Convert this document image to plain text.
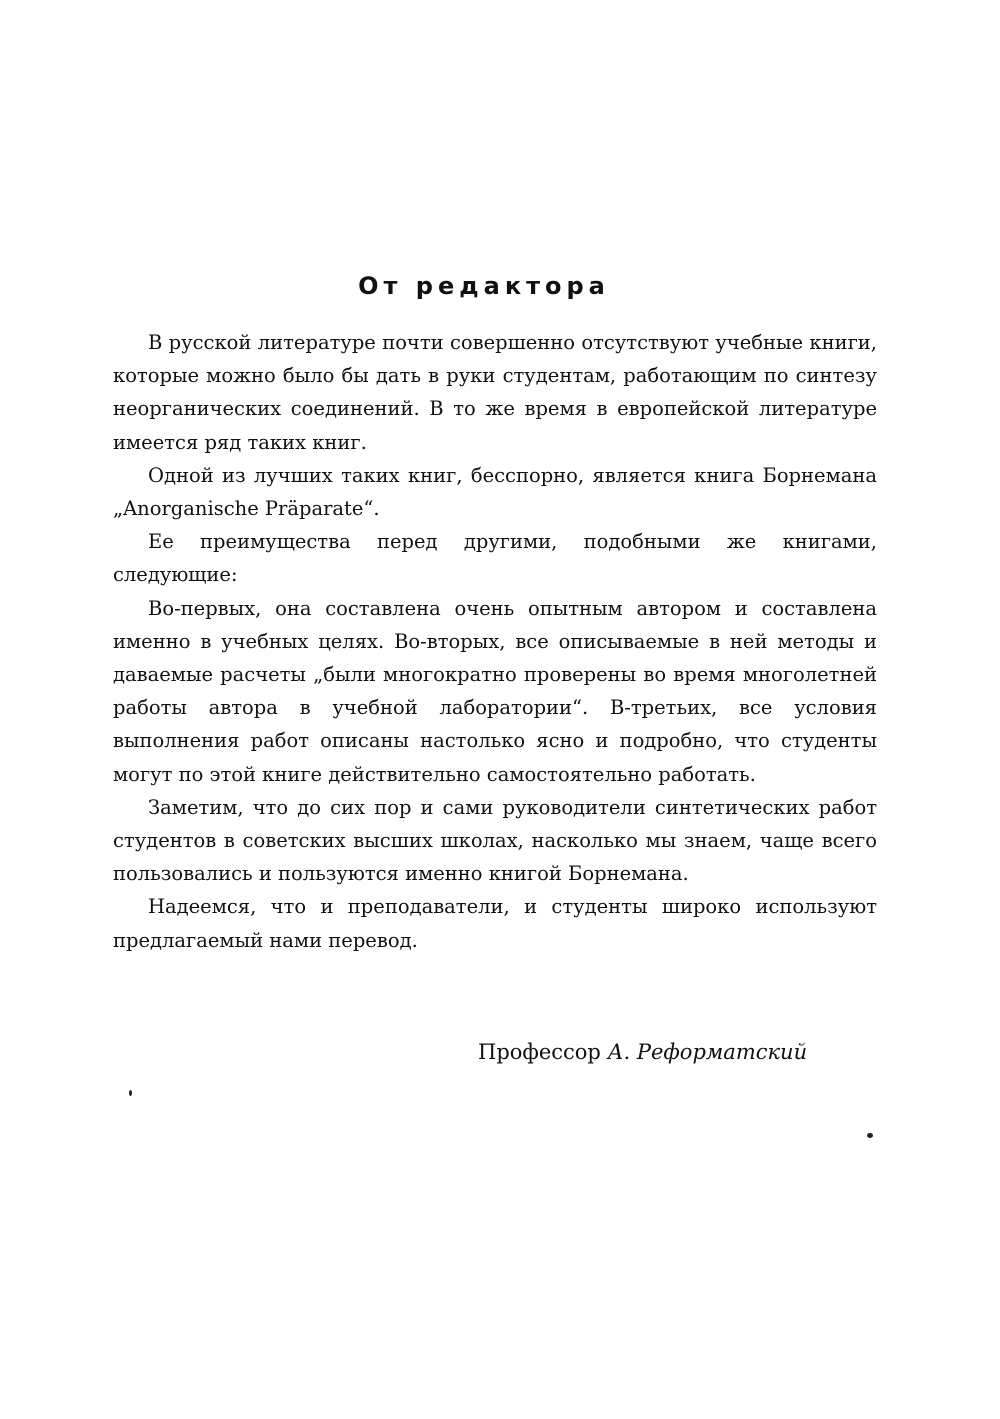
От редактора

В русской литературе почти совершенно отсутствуют учебные книги, которые можно было бы дать в руки студентам, работающим по синтезу неорганических соединений. В то же время в европейской литературе имеется ряд таких книг.

Одной из лучших таких книг, бесспорно, является книга Борнемана „Anorganische Präparate“.

Ее преимущества перед другими, подобными же книгами, следующие:

Во-первых, она составлена очень опытным автором и составлена именно в учебных целях. Во-вторых, все описываемые в ней методы и даваемые расчеты „были многократно проверены во время многолетней работы автора в учебной лаборатории“. В-третьих, все условия выполнения работ описаны настолько ясно и подробно, что студенты могут по этой книге действительно самостоятельно работать.

Заметим, что до сих пор и сами руководители синтетических работ студентов в советских высших школах, насколько мы знаем, чаще всего пользовались и пользуются именно книгой Борнемана.

Надеемся, что и преподаватели, и студенты широко используют предлагаемый нами перевод.

Профессор А. Реформатский
